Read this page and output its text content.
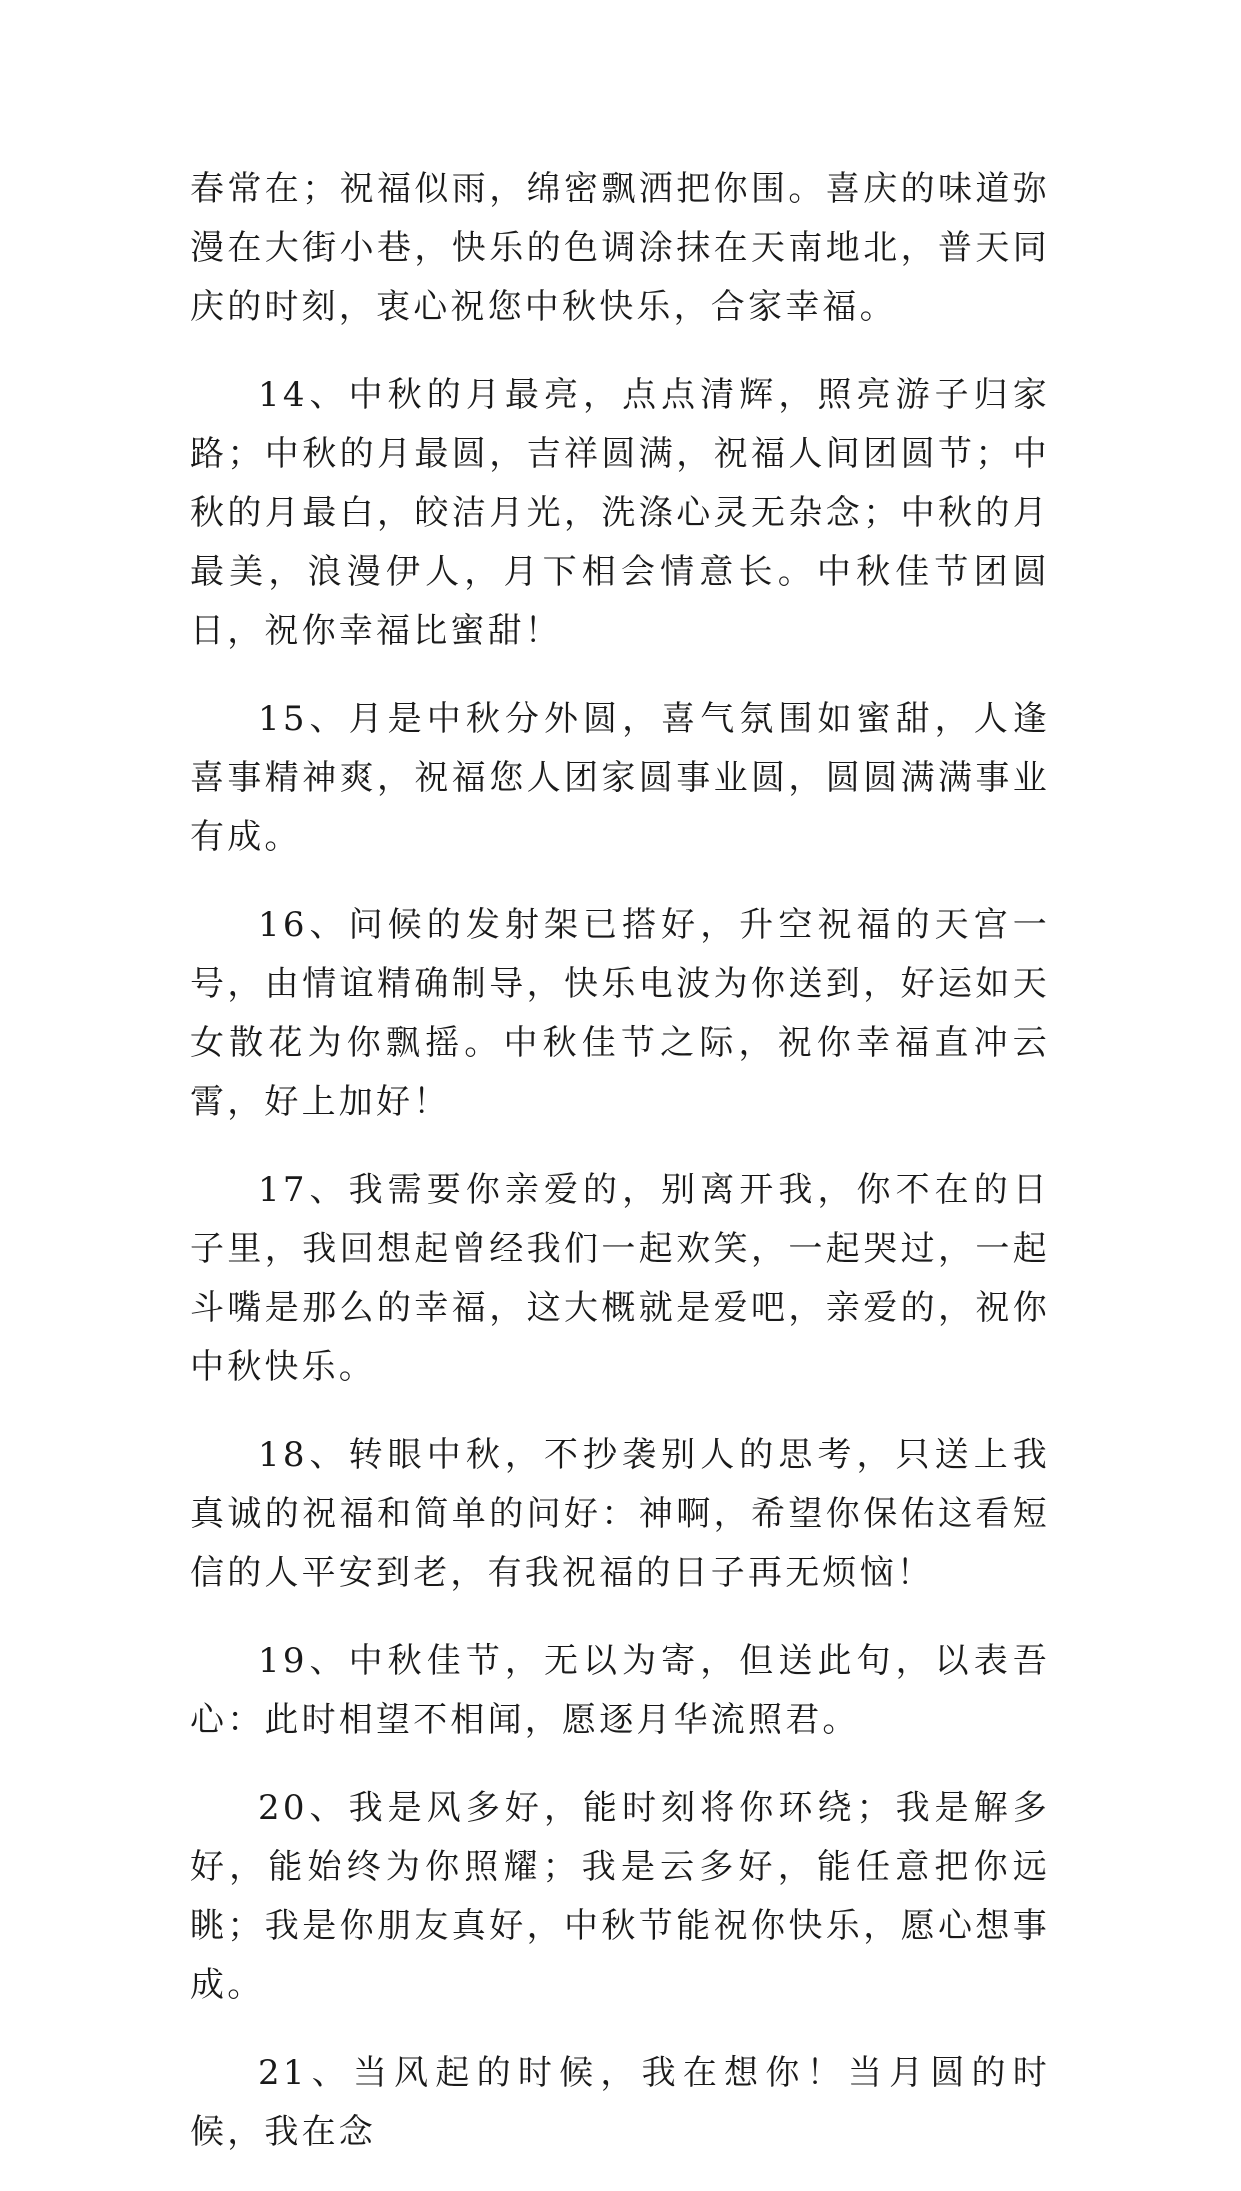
春常在；祝福似雨，绵密飘洒把你围。喜庆的味道弥漫在大街小巷，快乐的色调涂抹在天南地北，普天同庆的时刻，衷心祝您中秋快乐，合家幸福。

14、中秋的月最亮，点点清辉，照亮游子归家路；中秋的月最圆，吉祥圆满，祝福人间团圆节；中秋的月最白，皎洁月光，洗涤心灵无杂念；中秋的月最美，浪漫伊人，月下相会情意长。中秋佳节团圆日，祝你幸福比蜜甜！

15、月是中秋分外圆，喜气氛围如蜜甜，人逢喜事精神爽，祝福您人团家圆事业圆，圆圆满满事业有成。

16、问候的发射架已搭好，升空祝福的天宫一号，由情谊精确制导，快乐电波为你送到，好运如天女散花为你飘摇。中秋佳节之际，祝你幸福直冲云霄，好上加好！

17、我需要你亲爱的，别离开我，你不在的日子里，我回想起曾经我们一起欢笑，一起哭过，一起斗嘴是那么的幸福，这大概就是爱吧，亲爱的，祝你中秋快乐。

18、转眼中秋，不抄袭别人的思考，只送上我真诚的祝福和简单的问好：神啊，希望你保佑这看短信的人平安到老，有我祝福的日子再无烦恼！

19、中秋佳节，无以为寄，但送此句，以表吾心：此时相望不相闻，愿逐月华流照君。

20、我是风多好，能时刻将你环绕；我是解多好，能始终为你照耀；我是云多好，能任意把你远眺；我是你朋友真好，中秋节能祝你快乐，愿心想事成。

21、当风起的时候，我在想你！当月圆的时候，我在念
